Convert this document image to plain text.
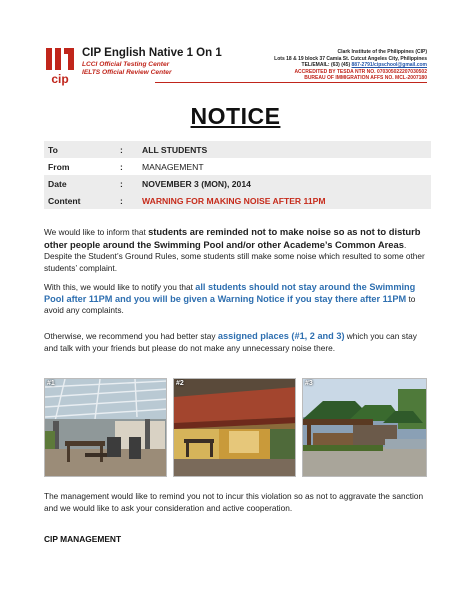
cip
CIP English Native 1 On 1
LCCI Official Testing Center
IELTS Official Review Center
Clark Institute of the Philippines (CIP)
Lots 18 & 19 block 37 Camia St. Cutcut Angeles City, Philippines
TEL/EMAIL: (63) (45) 887-2791/cipschool@gmail.com
ACCREDITED BY TESDA NTR NO. 070305022207030502
BUREAU OF IMMIGRATION AFFS NO. MCL-2007180
NOTICE
To	:	ALL STUDENTS
From	:	MANAGEMENT
Date	:	NOVEMBER 3 (MON), 2014
Content	:	WARNING FOR MAKING NOISE AFTER 11PM
We would like to inform that students are reminded not to make noise so as not to disturb other people around the Swimming Pool and/or other Academe’s Common Areas. Despite the Student’s Ground Rules, some students still make some noise which resulted to some other students’ complaint.
With this, we would like to notify you that all students should not stay around the Swimming Pool after 11PM and you will be given a Warning Notice if you stay there after 11PM to avoid any complaints.
Otherwise, we recommend you had better stay assigned places (#1, 2 and 3) which you can stay and talk with your friends but please do not make any unnecessary noise there.
#1	#2	#3
The management would like to remind you not to incur this violation so as not to aggravate the sanction and we would like to ask your consideration and active cooperation.
CIP MANAGEMENT
